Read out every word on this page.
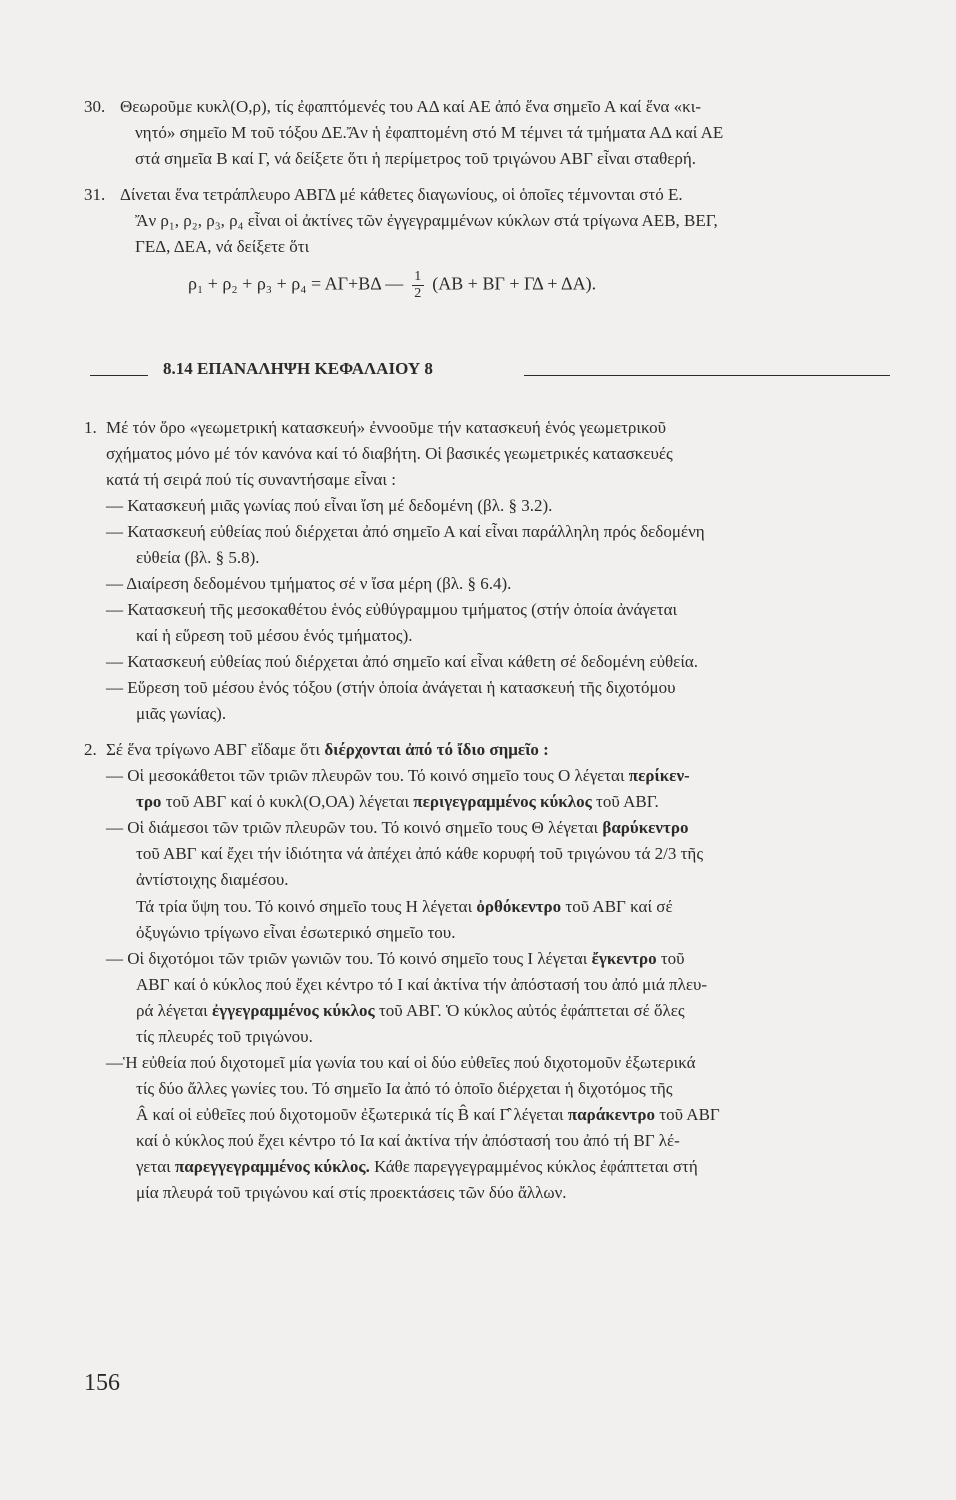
30. Θεωροῦμε κυκλ(Ο,ρ), τίς ἐφαπτόμενές του ΑΔ καί ΑΕ ἀπό ἕνα σημεῖο Α καί ἕνα «κι-
νητό» σημεῖο Μ τοῦ τόξου ΔΕ.Ἄν ἡ ἐφαπτομένη στό Μ τέμνει τά τμήματα ΑΔ καί ΑΕ
στά σημεῖα Β καί Γ, νά δείξετε ὅτι ἡ περίμετρος τοῦ τριγώνου ΑΒΓ εἶναι σταθερή.
31. Δίνεται ἕνα τετράπλευρο ΑΒΓΔ μέ κάθετες διαγωνίους, οἱ ὁποῖες τέμνονται στό Ε.
Ἄν ρ₁, ρ₂, ρ₃, ρ₄ εἶναι οἱ ἀκτίνες τῶν ἐγγεγραμμένων κύκλων στά τρίγωνα ΑΕΒ, ΒΕΓ,
ΓΕΔ, ΔΕΑ, νά δείξετε ὅτι
ρ₁ + ρ₂ + ρ₃ + ρ₄ = ΑΓ+ΒΔ — $\frac{1}{2} (AB + B\Gamma + \Gamma\Delta + \Delta A)$.
8.14 ΕΠΑΝΑΛΗΨΗ ΚΕΦΑΛΑΙΟΥ 8
1. Μέ τόν ὅρο «γεωμετρική κατασκευή» ἐννοοῦμε τήν κατασκευή ἑνός γεωμετρικοῦ
σχήματος μόνο μέ τόν κανόνα καί τό διαβήτη. Οἱ βασικές γεωμετρικές κατασκευές
κατά τή σειρά πού τίς συναντήσαμε εἶναι :
— Κατασκευή μιᾶς γωνίας πού εἶναι ἴση μέ δεδομένη (βλ. § 3.2).
— Κατασκευή εὐθείας πού διέρχεται ἀπό σημεῖο Α καί εἶναι παράλληλη πρός δεδομένη
εὐθεία (βλ. § 5.8).
— Διαίρεση δεδομένου τμήματος σέ ν ἴσα μέρη (βλ. § 6.4).
— Κατασκευή τῆς μεσοκαθέτου ἑνός εὐθύγραμμου τμήματος (στήν ὁποία ἀνάγεται
καί ἡ εὕρεση τοῦ μέσου ἑνός τμήματος).
— Κατασκευή εὐθείας πού διέρχεται ἀπό σημεῖο καί εἶναι κάθετη σέ δεδομένη εὐθεία.
— Εὕρεση τοῦ μέσου ἑνός τόξου (στήν ὁποία ἀνάγεται ἡ κατασκευή τῆς διχοτόμου
μιᾶς γωνίας).
2. Σέ ἕνα τρίγωνο ΑΒΓ εἴδαμε ὅτι διέρχονται ἀπό τό ἴδιο σημεῖο :
— Οἱ μεσοκάθετοι τῶν τριῶν πλευρῶν του. Τό κοινό σημεῖο τους Ο λέγεται περίκεν-
τρο τοῦ ΑΒΓ καί ὁ κυκλ(Ο,ΟΑ) λέγεται περιγεγραμμένος κύκλος τοῦ ΑΒΓ.
— Οἱ διάμεσοι τῶν τριῶν πλευρῶν του. Τό κοινό σημεῖο τους Θ λέγεται βαρύκεντρο
τοῦ ΑΒΓ καί ἔχει τήν ἰδιότητα νά ἀπέχει ἀπό κάθε κορυφή τοῦ τριγώνου τά 2/3 τῆς
ἀντίστοιχης διαμέσου.
Τά τρία ὕψη του. Τό κοινό σημεῖο τους Η λέγεται ὀρθόκεντρο τοῦ ΑΒΓ καί σέ
ὀξυγώνιο τρίγωνο εἶναι ἐσωτερικό σημεῖο του.
— Οἱ διχοτόμοι τῶν τριῶν γωνιῶν του. Τό κοινό σημεῖο τους Ι λέγεται ἔγκεντρο τοῦ
ΑΒΓ καί ὁ κύκλος πού ἔχει κέντρο τό Ι καί ἀκτίνα τήν ἀπόστασή του ἀπό μιά πλευ-
ρά λέγεται ἐγγεγραμμένος κύκλος τοῦ ΑΒΓ. Ὁ κύκλος αὐτός ἐφάπτεται σέ ὅλες
τίς πλευρές τοῦ τριγώνου.
—Ἡ εὐθεία πού διχοτομεῖ μία γωνία του καί οἱ δύο εὐθεῖες πού διχοτομοῦν ἐξωτερικά
τίς δύο ἄλλες γωνίες του. Τό σημεῖο Ια ἀπό τό ὁποῖο διέρχεται ἡ διχοτόμος τῆς
Â καί οἱ εὐθεῖες πού διχοτομοῦν ἐξωτερικά τίς B̂ καί Γ̂ λέγεται παράκεντρο τοῦ ΑΒΓ
καί ὁ κύκλος πού ἔχει κέντρο τό Ια καί ἀκτίνα τήν ἀπόστασή του ἀπό τή ΒΓ λέ-
γεται παρεγγεγραμμένος κύκλος. Κάθε παρεγγεγραμμένος κύκλος ἐφάπτεται στή
μία πλευρά τοῦ τριγώνου καί στίς προεκτάσεις τῶν δύο ἄλλων.
156
